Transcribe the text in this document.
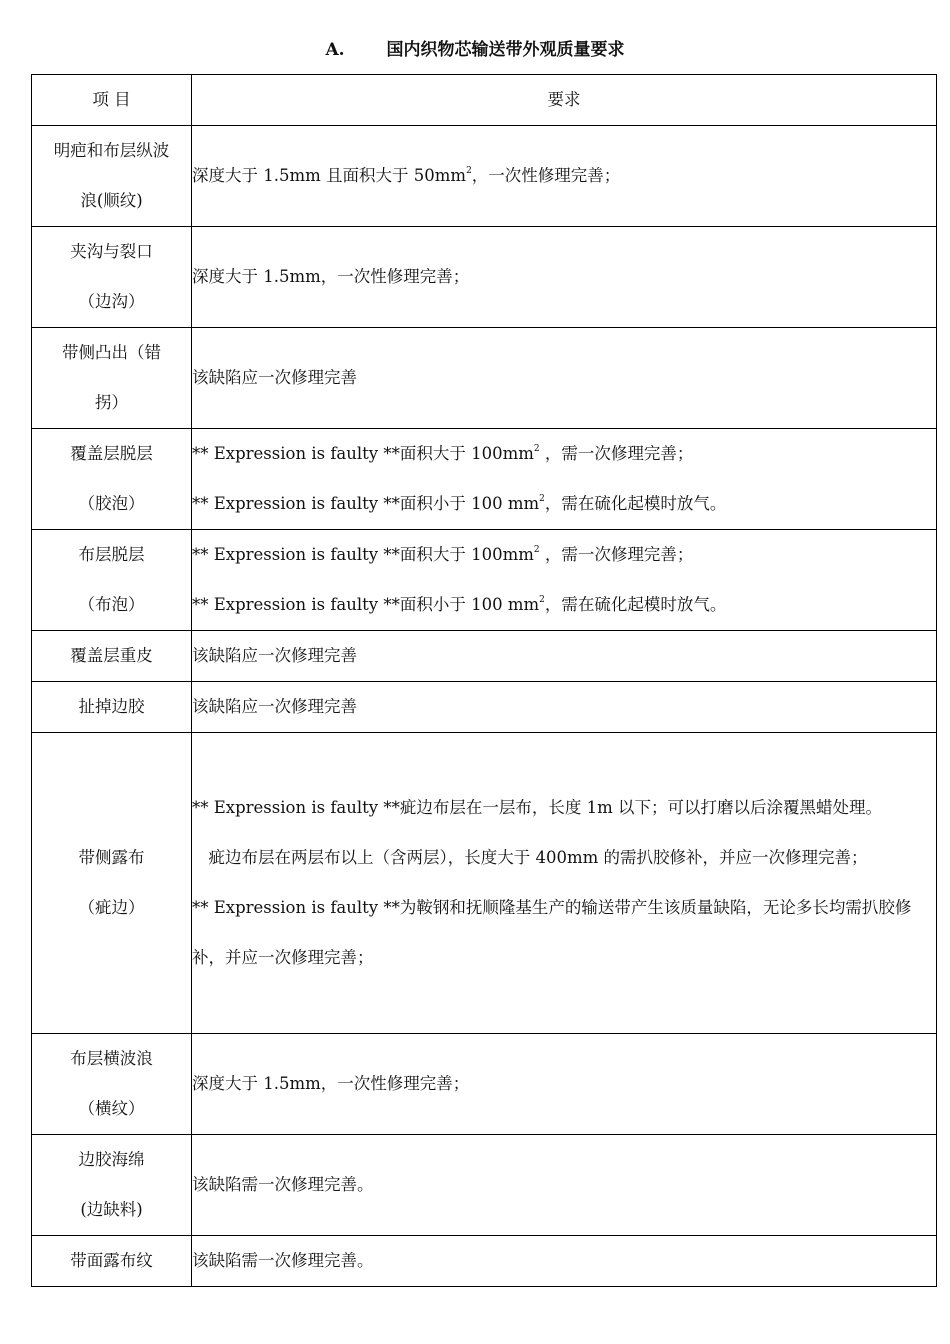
A. 国内织物芯输送带外观质量要求
项 目	要求

明疤和布层纵波
浪(顺纹)	深度大于 1.5mm 且面积大于 $50mm^2$，一次性修理完善；

夹沟与裂口
（边沟）	深度大于 1.5mm，一次性修理完善；

带侧凸出（错
拐）	该缺陷应一次修理完善

覆盖层脱层
（胶泡）	** Expression is faulty **面积大于 $100mm^2$ ，需一次修理完善；
** Expression is faulty **面积小于 100 $mm^2$，需在硫化起模时放气。

布层脱层
（布泡）	** Expression is faulty **面积大于 $100mm^2$ ，需一次修理完善；
** Expression is faulty **面积小于 100 $mm^2$，需在硫化起模时放气。

覆盖层重皮	该缺陷应一次修理完善
扯掉边胶	该缺陷应一次修理完善

带侧露布
（疵边）	** Expression is faulty **疵边布层在一层布，长度 1m 以下；可以打磨以后涂覆黑蜡处理。
　疵边布层在两层布以上（含两层），长度大于 400mm 的需扒胶修补，并应一次修理完善；
** Expression is faulty **为鞍钢和抚顺隆基生产的输送带产生该质量缺陷，无论多长均需扒胶修补，并应一次修理完善；

布层横波浪
（横纹）	深度大于 1.5mm，一次性修理完善；

边胶海绵
(边缺料)	该缺陷需一次修理完善。
带面露布纹	该缺陷需一次修理完善。
